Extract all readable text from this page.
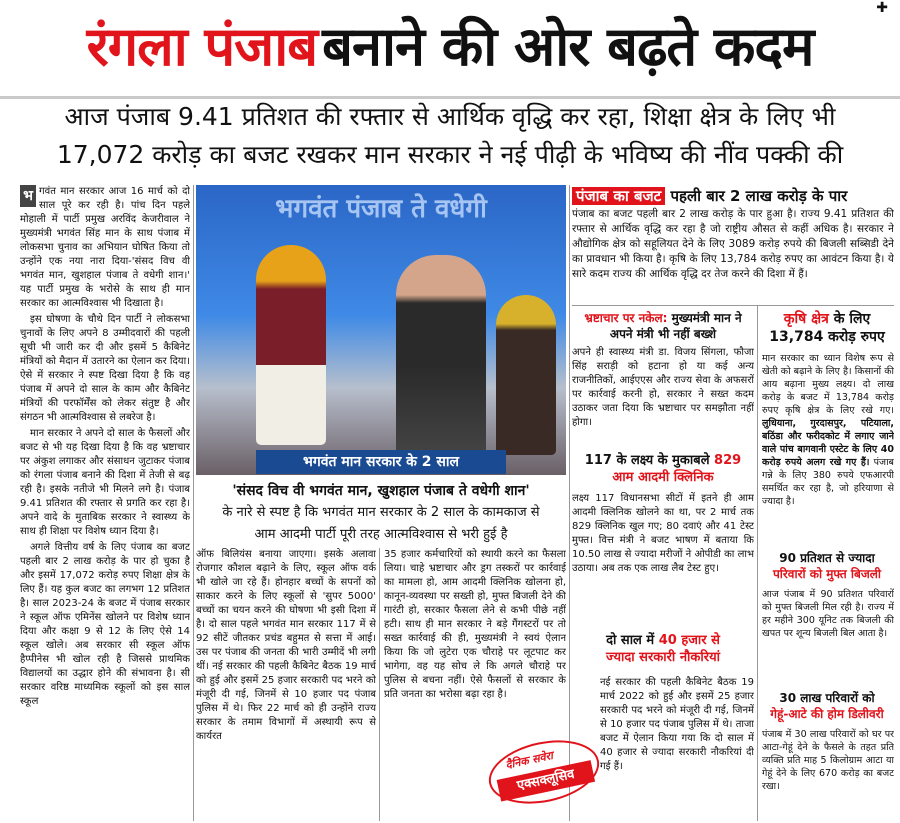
✚
रंगला पंजाब बनाने की ओर बढ़ते कदम
आज पंजाब 9.41 प्रतिशत की रफ्तार से आर्थिक वृद्धि कर रहा, शिक्षा क्षेत्र के लिए भी
17,072 करोड़ का बजट रखकर मान सरकार ने नई पीढ़ी के भविष्य की नींव पक्की की

भ गवंत मान सरकार आज 16 मार्च को दो साल पूरे कर रही है। पांच दिन पहले मोहाली में पार्टी प्रमुख अरविंद केजरीवाल ने मुख्यमंत्री भगवंत सिंह मान के साथ पंजाब में लोकसभा चुनाव का अभियान घोषित किया तो उन्होंने एक नया नारा दिया-'संसद विच वी भगवंत मान, खुशहाल पंजाब ते वधेगी शान।' यह पार्टी प्रमुख के भरोसे के साथ ही मान सरकार का आत्मविश्वास भी दिखाता है।

इस घोषणा के चौथे दिन पार्टी ने लोकसभा चुनावों के लिए अपने 8 उम्मीदवारों की पहली सूची भी जारी कर दी और इसमें 5 कैबिनेट मंत्रियों को मैदान में उतारने का ऐलान कर दिया। ऐसे में सरकार ने स्पष्ट दिखा दिया है कि वह पंजाब में अपने दो साल के काम और कैबिनेट मंत्रियों की परफॉर्मेंस को लेकर संतुष्ट है और संगठन भी आत्मविश्वास से लबरेज है।

मान सरकार ने अपने दो साल के फैसलों और बजट से भी यह दिखा दिया है कि वह भ्रष्टाचार पर अंकुश लगाकर और संसाधन जुटाकर पंजाब को रंगला पंजाब बनाने की दिशा में तेजी से बढ़ रही है। इसके नतीजे भी मिलने लगे है। पंजाब 9.41 प्रतिशत की रफ्तार से प्रगति कर रहा है। अपने वादे के मुताबिक सरकार ने स्वास्थ्य के साथ ही शिक्षा पर विशेष ध्यान दिया है।

अगले वित्तीय वर्ष के लिए पंजाब का बजट पहली बार 2 लाख करोड़ के पार हो चुका है और इसमें 17,072 करोड़ रुपए शिक्षा क्षेत्र के लिए हैं। यह कुल बजट का लगभग 12 प्रतिशत है। साल 2023-24 के बजट में पंजाब सरकार ने स्कूल ऑफ एमिनेंस खोलने पर विशेष ध्यान दिया और कक्षा 9 से 12 के लिए ऐसे 14 स्कूल खोले। अब सरकार सी स्कूल ऑफ हैप्पीनेस भी खोल रही है जिससे प्राथमिक विद्यालयों का उद्धार होने की संभावना है। सी सरकार वरिष्ठ माध्यमिक स्कूलों को इस साल स्कूल

भगवंत पंजाब ते वधेगी
भगवंत मान सरकार के 2 साल
'संसद विच वी भगवंत मान, खुशहाल पंजाब ते वधेगी शान'
के नारे से स्पष्ट है कि भगवंत मान सरकार के 2 साल के कामकाज से
आम आदमी पार्टी पूरी तरह आत्मविश्वास से भरी हुई है

ऑफ बिलियंस बनाया जाएगा। इसके अलावा रोजगार कौशल बढ़ाने के लिए, स्कूल ऑफ वर्क भी खोले जा रहे हैं। होनहार बच्चों के सपनों को साकार करने के लिए स्कूलों से 'सुपर 5000' बच्चों का चयन करने की घोषणा भी इसी दिशा में है। दो साल पहले भगवंत मान सरकार 117 में से 92 सीटें जीतकर प्रचंड बहुमत से सत्ता में आई। उस पर पंजाब की जनता की भारी उम्मीदें भी लगी थीं। नई सरकार की पहली कैबिनेट बैठक 19 मार्च को हुई और इसमें 25 हजार सरकारी पद भरने को मंजूरी दी गई, जिनमें से 10 हजार पद पंजाब पुलिस में थे। फिर 22 मार्च को ही उन्होंने राज्य सरकार के तमाम विभागों में अस्थायी रूप से कार्यरत

35 हजार कर्मचारियों को स्थायी करने का फैसला लिया। चाहे भ्रष्टाचार और ड्रग तस्करों पर कार्रवाई का मामला हो, आम आदमी क्लिनिक खोलना हो, कानून-व्यवस्था पर सख्ती हो, मुफ्त बिजली देने की गारंटी हो, सरकार फैसला लेने से कभी पीछे नहीं हटी। साथ ही मान सरकार ने बड़े गैंगस्टरों पर तो सख्त कार्रवाई की ही, मुख्यमंत्री ने स्वयं ऐलान किया कि जो लुटेरा एक चौराहे पर लूटपाट कर भागेगा, वह यह सोच ले कि अगले चौराहे पर पुलिस से बचना नहीं। ऐसे फैसलों से सरकार के प्रति जनता का भरोसा बढ़ा रहा है।

पंजाब का बजट पहली बार 2 लाख करोड़ के पार
पंजाब का बजट पहली बार 2 लाख करोड़ के पार हुआ है। राज्य 9.41 प्रतिशत की रफ्तार से आर्थिक वृद्धि कर रहा है जो राष्ट्रीय औसत से कहीं अधिक है। सरकार ने औद्योगिक क्षेत्र को सहूलियत देने के लिए 3089 करोड़ रुपये की बिजली सब्सिडी देने का प्रावधान भी किया है। कृषि के लिए 13,784 करोड़ रुपए का आवंटन किया है। ये सारे कदम राज्य की आर्थिक वृद्धि दर तेज करने की दिशा में हैं।
भ्रष्टाचार पर नकेल: मुख्यमंत्री मान ने अपने मंत्री भी नहीं बख्शे
अपने ही स्वास्थ्य मंत्री डा. विजय सिंगला, फौजा सिंह सराड़ी को हटाना हो या कई अन्य राजनीतिकों, आईएएस और राज्य सेवा के अफसरों पर कार्रवाई करनी हो, सरकार ने सख्त कदम उठाकर जता दिया कि भ्रष्टाचार पर समझौता नहीं होगा।
117 के लक्ष्य के मुकाबले 829
आम आदमी क्लिनिक
लक्ष्य 117 विधानसभा सीटों में इतने ही आम आदमी क्लिनिक खोलने का था, पर 2 मार्च तक 829 क्लिनिक खुल गए; 80 दवाएं और 41 टेस्ट मुफ्त। वित्त मंत्री ने बजट भाषण में बताया कि 10.50 लाख से ज्यादा मरीजों ने ओपीडी का लाभ उठाया। अब तक एक लाख लैब टेस्ट हुए।
दो साल में 40 हजार से
ज्यादा सरकारी नौकरियां
नई सरकार की पहली कैबिनेट बैठक 19 मार्च 2022 को हुई और इसमें 25 हजार सरकारी पद भरने को मंजूरी दी गई, जिनमें से 10 हजार पद पंजाब पुलिस में थे। ताजा बजट में ऐलान किया गया कि दो साल में 40 हजार से ज्यादा सरकारी नौकरियां दी गई हैं।
दैनिक सवेरा
एक्सक्लूसिव
कृषि क्षेत्र के लिए
13,784 करोड़ रुपए
मान सरकार का ध्यान विशेष रूप से खेती को बढ़ाने के लिए है। किसानों की आय बढ़ाना मुख्य लक्ष्य। दो लाख करोड़ के बजट में 13,784 करोड़ रुपए कृषि क्षेत्र के लिए रखे गए। लुधियाना, गुरदासपुर, पटियाला, बठिंडा और फरीदकोट में लगाए जाने वाले पांच बागवानी एस्टेट के लिए 40 करोड़ रुपये अलग रखे गए हैं। पंजाब गन्ने के लिए 380 रुपये एफआरपी समर्थित कर रहा है, जो हरियाणा से ज्यादा है।
90 प्रतिशत से ज्यादा
परिवारों को मुफ्त बिजली
आज पंजाब में 90 प्रतिशत परिवारों को मुफ्त बिजली मिल रही है। राज्य में हर महीने 300 यूनिट तक बिजली की खपत पर शून्य बिजली बिल आता है।
30 लाख परिवारों को
गेहूं-आटे की होम डिलीवरी
पंजाब में 30 लाख परिवारों को घर पर आटा-गेहूं देने के फैसले के तहत प्रति व्यक्ति प्रति माह 5 किलोग्राम आटा या गेहूं देने के लिए 670 करोड़ का बजट रखा।
